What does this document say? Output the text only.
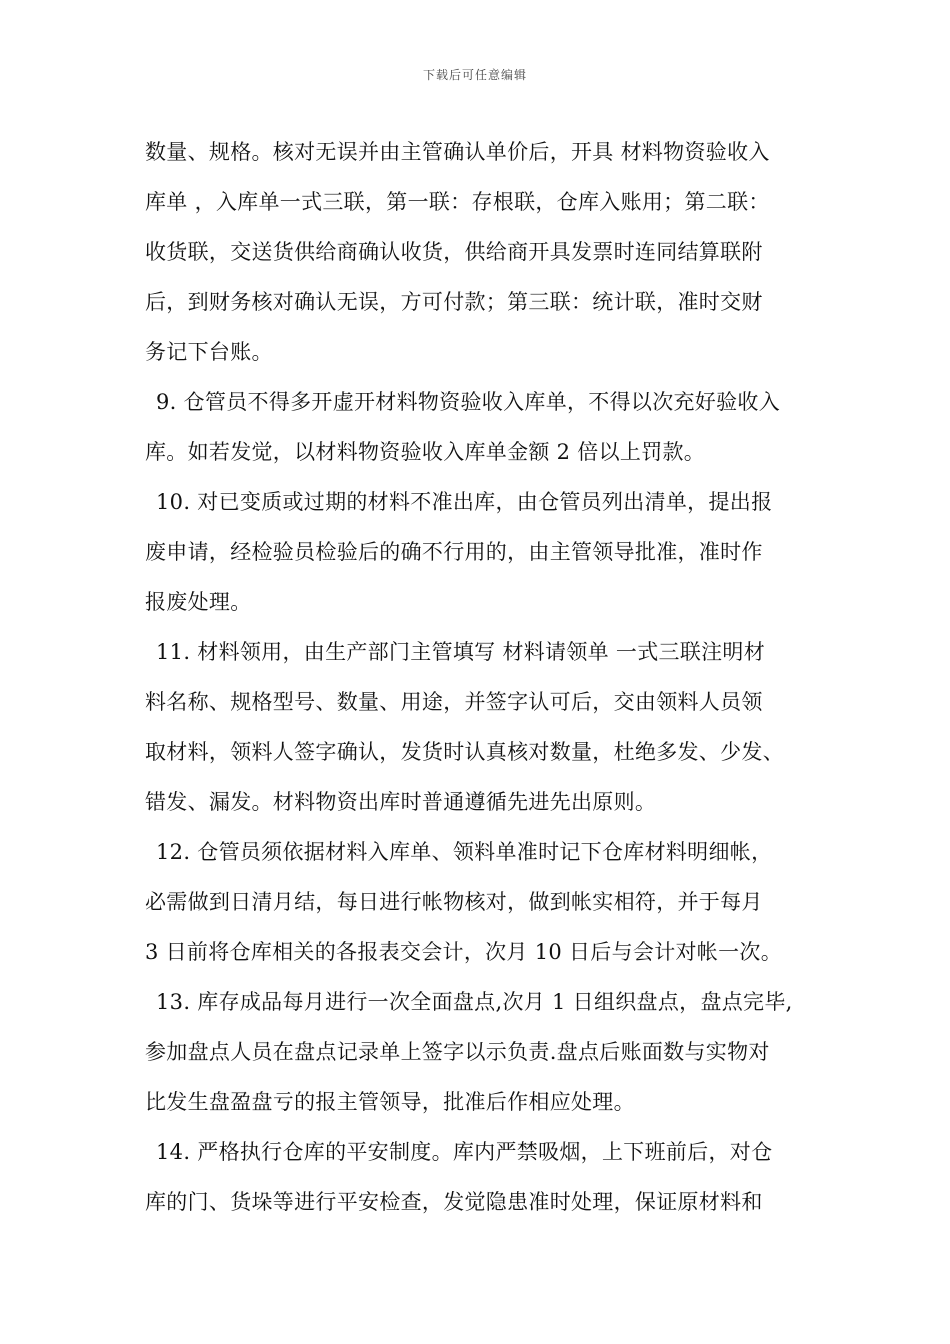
下载后可任意编辑
数量、规格。核对无误并由主管确认单价后，开具 材料物资验收入
库单 ，入库单一式三联，第一联：存根联，仓库入账用；第二联：
收货联，交送货供给商确认收货，供给商开具发票时连同结算联附
后，到财务核对确认无误，方可付款；第三联：统计联，准时交财
务记下台账。
9. 仓管员不得多开虚开材料物资验收入库单，不得以次充好验收入
库。如若发觉，以材料物资验收入库单金额 2 倍以上罚款。
10. 对已变质或过期的材料不准出库，由仓管员列出清单，提出报
废申请，经检验员检验后的确不行用的，由主管领导批准，准时作
报废处理。
11. 材料领用，由生产部门主管填写 材料请领单 一式三联注明材
料名称、规格型号、数量、用途，并签字认可后，交由领料人员领
取材料，领料人签字确认，发货时认真核对数量，杜绝多发、少发、
错发、漏发。材料物资出库时普通遵循先进先出原则。
12. 仓管员须依据材料入库单、领料单准时记下仓库材料明细帐，
必需做到日清月结，每日进行帐物核对，做到帐实相符，并于每月
3 日前将仓库相关的各报表交会计，次月 10 日后与会计对帐一次。
13. 库存成品每月进行一次全面盘点,次月 1 日组织盘点，盘点完毕,
参加盘点人员在盘点记录单上签字以示负责.盘点后账面数与实物对
比发生盘盈盘亏的报主管领导，批准后作相应处理。
14. 严格执行仓库的平安制度。库内严禁吸烟，上下班前后，对仓
库的门、货垛等进行平安检查，发觉隐患准时处理，保证原材料和
